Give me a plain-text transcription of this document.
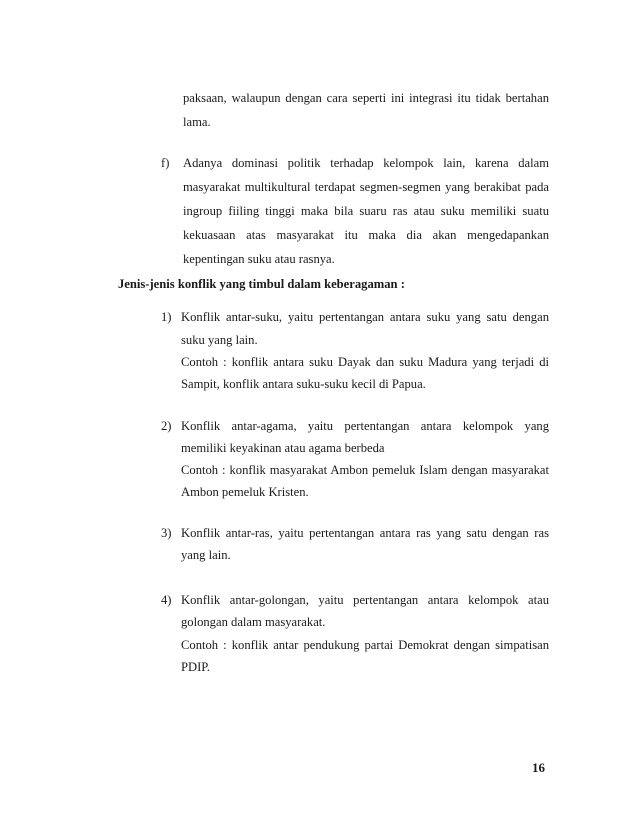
paksaan, walaupun dengan cara seperti ini integrasi itu tidak bertahan
lama.
f) Adanya dominasi politik terhadap kelompok lain, karena dalam
masyarakat multikultural terdapat segmen-segmen yang berakibat pada
ingroup fiiling tinggi maka bila suaru ras atau suku memiliki suatu
kekuasaan atas masyarakat itu maka dia akan mengedapankan
kepentingan suku atau rasnya.
Jenis-jenis konflik yang timbul dalam keberagaman :
1) Konflik antar-suku, yaitu pertentangan antara suku yang satu dengan
suku yang lain.
Contoh : konflik antara suku Dayak dan suku Madura yang terjadi di
Sampit, konflik antara suku-suku kecil di Papua.
2) Konflik antar-agama, yaitu pertentangan antara kelompok yang
memiliki keyakinan atau agama berbeda
Contoh : konflik masyarakat Ambon pemeluk Islam dengan masyarakat
Ambon pemeluk Kristen.
3) Konflik antar-ras, yaitu pertentangan antara ras yang satu dengan ras
yang lain.
4) Konflik antar-golongan, yaitu pertentangan antara kelompok atau
golongan dalam masyarakat.
Contoh : konflik antar pendukung partai Demokrat dengan simpatisan
PDIP.
16
